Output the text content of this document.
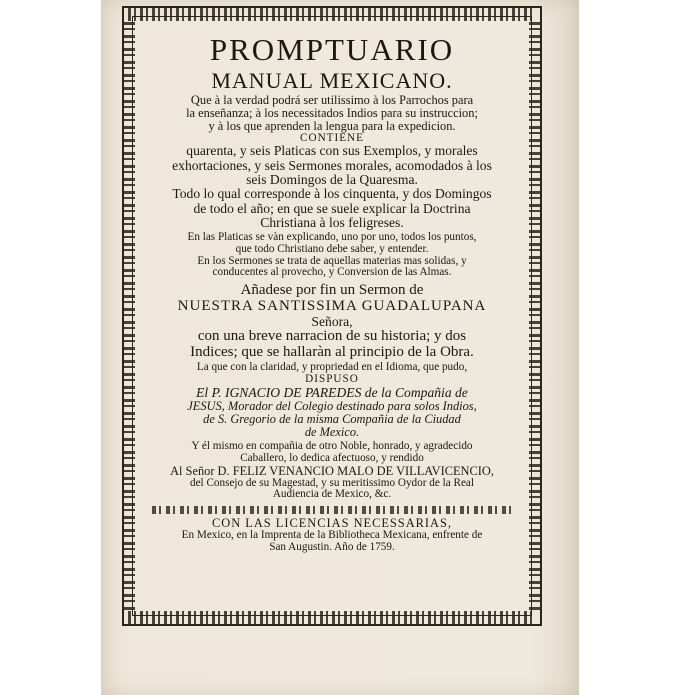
PROMPTUARIO
MANUAL MEXICANO.
Que à la verdad podrá ser utilissimo à los Parrochos para
la enseñanza; à los necessitados Indios para su instruccion;
y à los que aprenden la lengua para la expedicion.
CONTIENE
quarenta, y seis Platicas con sus Exemplos, y morales
exhortaciones, y seis Sermones morales, acomodados à los
seis Domingos de la Quaresma.
Todo lo qual corresponde à los cinquenta, y dos Domingos
de todo el año; en que se suele explicar la Doctrina
Christiana à los feligreses.
En las Platicas se vàn explicando, uno por uno, todos los puntos,
que todo Christiano debe saber, y entender.
En los Sermones se trata de aquellas materias mas solidas, y
conducentes al provecho, y Conversion de las Almas.
Añadese por fin un Sermon de
NUESTRA SANTISSIMA GUADALUPANA
Señora,
con una breve narracion de su historia; y dos
Indices; que se hallaràn al principio de la Obra.
La que con la claridad, y propriedad en el Idioma, que pudo,
DISPUSO
El P. IGNACIO DE PAREDES de la Compañia de
JESUS, Morador del Colegio destinado para solos Indios,
de S. Gregorio de la misma Compañia de la Ciudad
de Mexico.
Y él mismo en compañia de otro Noble, honrado, y agradecido
Caballero, lo dedica afectuoso, y rendido
Al Señor D. FELIZ VENANCIO MALO DE VILLAVICENCIO,
del Consejo de su Magestad, y su meritissimo Oydor de la Real
Audiencia de Mexico, &c.
CON LAS LICENCIAS NECESSARIAS,
En Mexico, en la Imprenta de la Bibliotheca Mexicana, enfrente de
San Augustin. Año de 1759.
